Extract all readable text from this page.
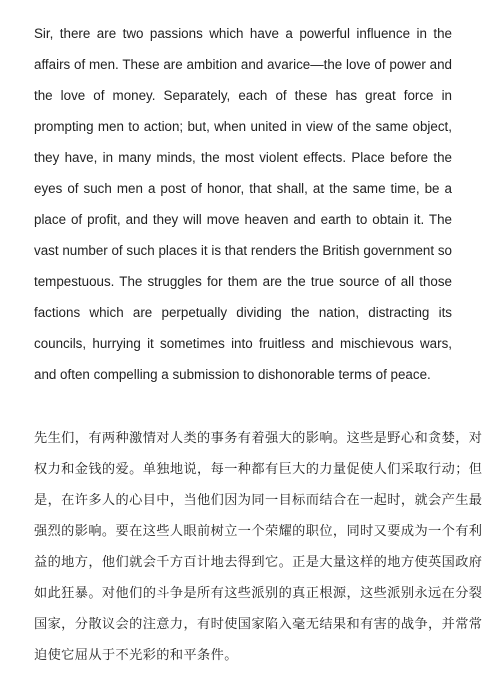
Sir, there are two passions which have a powerful influence in the
affairs of men. These are ambition and avarice—the love of power and
the love of money. Separately, each of these has great force in
prompting men to action; but, when united in view of the same object,
they have, in many minds, the most violent effects. Place before the
eyes of such men a post of honor, that shall, at the same time, be a
place of profit, and they will move heaven and earth to obtain it. The
vast number of such places it is that renders the British government so
tempestuous. The struggles for them are the true source of all those
factions which are perpetually dividing the nation, distracting its
councils, hurrying it sometimes into fruitless and mischievous wars,
and often compelling a submission to dishonorable terms of peace.
先生们，有两种激情对人类的事务有着强大的影响。这些是野心和贪婪，对
权力和金钱的爱。单独地说，每一种都有巨大的力量促使人们采取行动；但
是，在许多人的心目中，当他们因为同一目标而结合在一起时，就会产生最
强烈的影响。要在这些人眼前树立一个荣耀的职位，同时又要成为一个有利
益的地方，他们就会千方百计地去得到它。正是大量这样的地方使英国政府
如此狂暴。对他们的斗争是所有这些派别的真正根源，这些派别永远在分裂
国家，分散议会的注意力，有时使国家陷入毫无结果和有害的战争，并常常
迫使它屈从于不光彩的和平条件。
